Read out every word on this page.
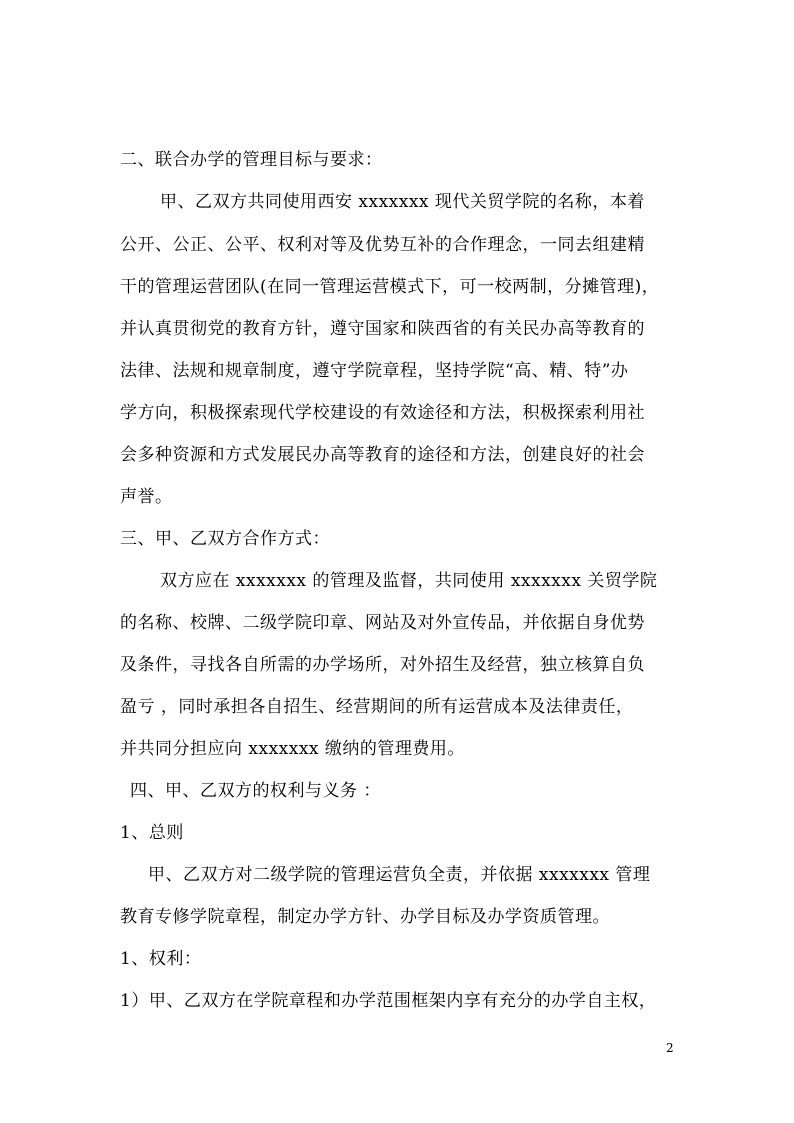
二、联合办学的管理目标与要求：
甲、乙双方共同使用西安 xxxxxxx 现代关贸学院的名称，本着
公开、公正、公平、权利对等及优势互补的合作理念，一同去组建精
干的管理运营团队(在同一管理运营模式下，可一校两制，分摊管理)，
并认真贯彻党的教育方针，遵守国家和陕西省的有关民办高等教育的
法律、法规和规章制度，遵守学院章程，坚持学院“高、精、特”办
学方向，积极探索现代学校建设的有效途径和方法，积极探索利用社
会多种资源和方式发展民办高等教育的途径和方法，创建良好的社会
声誉。
三、甲、乙双方合作方式：
双方应在 xxxxxxx 的管理及监督，共同使用 xxxxxxx 关贸学院
的名称、校牌、二级学院印章、网站及对外宣传品，并依据自身优势
及条件，寻找各自所需的办学场所，对外招生及经营，独立核算自负
盈亏 ，同时承担各自招生、经营期间的所有运营成本及法律责任，
并共同分担应向 xxxxxxx 缴纳的管理费用。
四、甲、乙双方的权利与义务 ：
1、总则
甲、乙双方对二级学院的管理运营负全责，并依据 xxxxxxx 管理
教育专修学院章程，制定办学方针、办学目标及办学资质管理。
1、权利：
1）甲、乙双方在学院章程和办学范围框架内享有充分的办学自主权，
2
